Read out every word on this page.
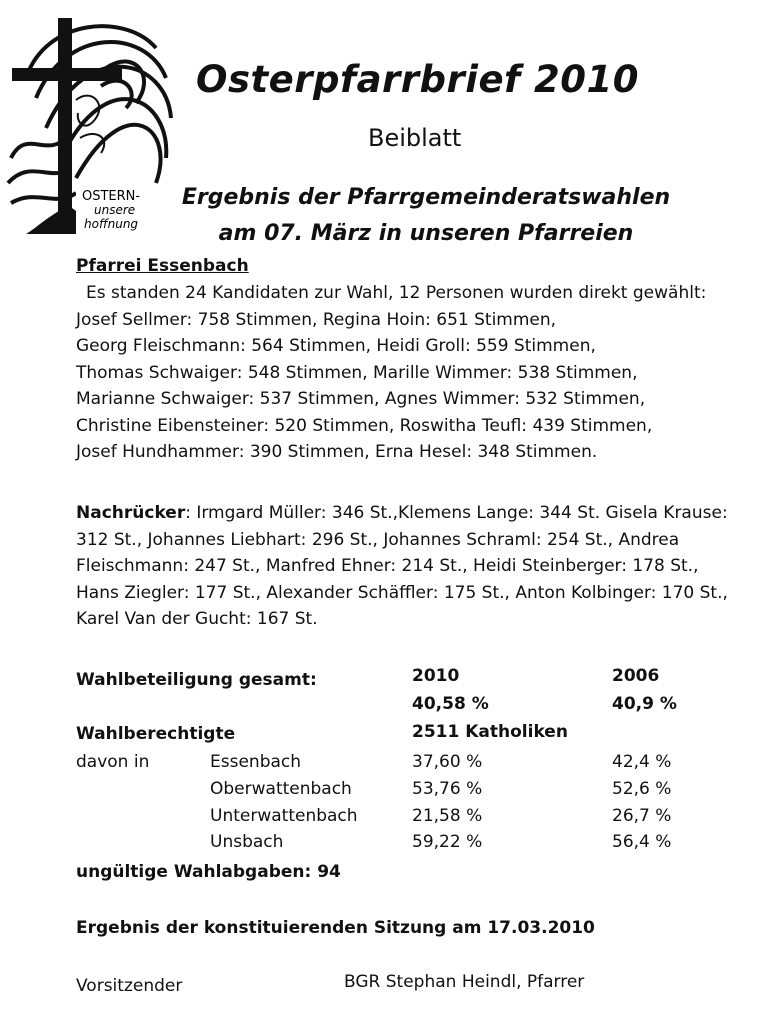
OSTERN-
unsere
hoffnung
Osterpfarrbrief 2010
Beiblatt
Ergebnis der Pfarrgemeinderatswahlen
am 07. März in unseren Pfarreien
Pfarrei Essenbach
Es standen 24 Kandidaten zur Wahl, 12 Personen wurden direkt gewählt:
Josef Sellmer: 758 Stimmen, Regina Hoin: 651 Stimmen,
Georg Fleischmann: 564 Stimmen, Heidi Groll: 559 Stimmen,
Thomas Schwaiger: 548 Stimmen, Marille Wimmer: 538 Stimmen,
Marianne Schwaiger: 537 Stimmen, Agnes Wimmer: 532 Stimmen,
Christine Eibensteiner: 520 Stimmen, Roswitha Teufl: 439 Stimmen,
Josef Hundhammer: 390 Stimmen, Erna Hesel: 348 Stimmen.
Nachrücker: Irmgard Müller: 346 St.,Klemens Lange: 344 St. Gisela Krause:
312 St., Johannes Liebhart: 296 St., Johannes Schraml: 254 St., Andrea
Fleischmann: 247 St., Manfred Ehner: 214 St., Heidi Steinberger: 178 St.,
Hans Ziegler: 177 St., Alexander Schäffler: 175 St., Anton Kolbinger: 170 St.,
Karel Van der Gucht: 167 St.
Wahlbeteiligung gesamt:	2010	2006
40,58 %	40,9 %
Wahlberechtigte	2511 Katholiken
davon in	Essenbach	37,60 %	42,4 %
Oberwattenbach	53,76 %	52,6 %
Unterwattenbach	21,58 %	26,7 %
Unsbach	59,22 %	56,4 %
ungültige Wahlabgaben: 94
Ergebnis der konstituierenden Sitzung am 17.03.2010
Vorsitzender	BGR Stephan Heindl, Pfarrer
